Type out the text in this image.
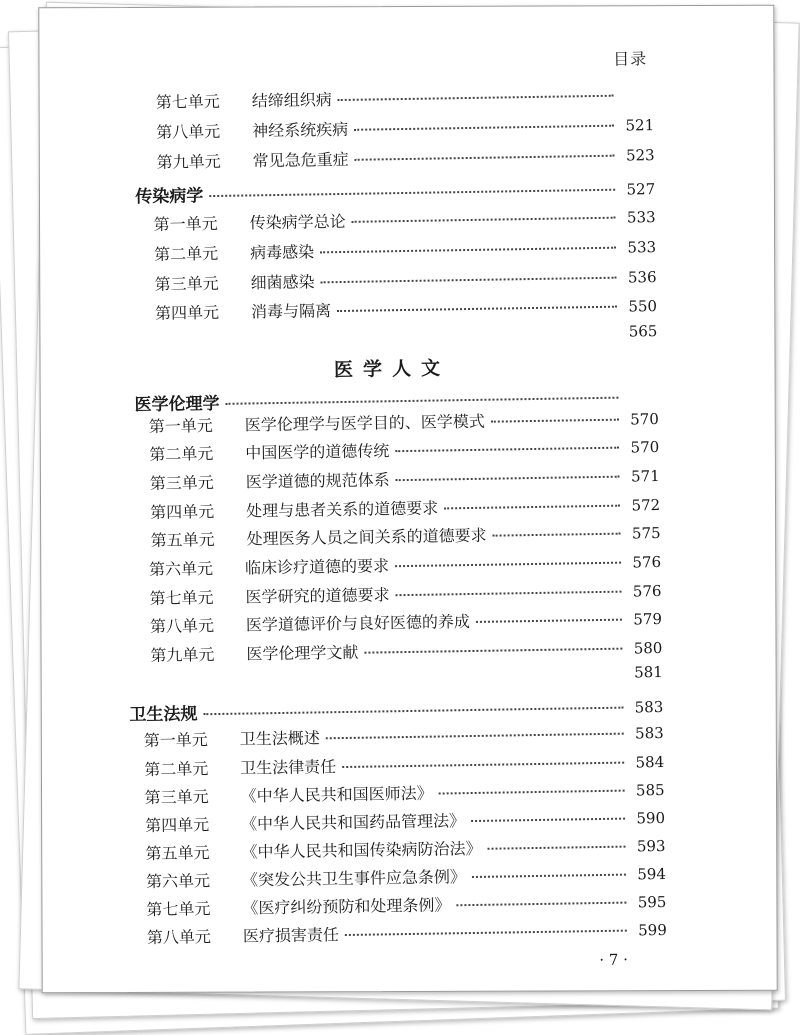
目录
第七单元	结缔组织病
第八单元	神经系统疾病	521
第九单元	常见急危重症	523
传染病学	527
第一单元	传染病学总论	533
第二单元	病毒感染	533
第三单元	细菌感染	536
第四单元	消毒与隔离	550
565
医学伦理学
第一单元	医学伦理学与医学目的、医学模式	570
第二单元	中国医学的道德传统	570
第三单元	医学道德的规范体系	571
第四单元	处理与患者关系的道德要求	572
第五单元	处理医务人员之间关系的道德要求	575
第六单元	临床诊疗道德的要求	576
第七单元	医学研究的道德要求	576
第八单元	医学道德评价与良好医德的养成	579
第九单元	医学伦理学文献	580
581
卫生法规	583
第一单元	卫生法概述	583
第二单元	卫生法律责任	584
第三单元	《中华人民共和国医师法》	585
第四单元	《中华人民共和国药品管理法》	590
第五单元	《中华人民共和国传染病防治法》	593
第六单元	《突发公共卫生事件应急条例》	594
第七单元	《医疗纠纷预防和处理条例》	595
第八单元	医疗损害责任	599
医学人文
· 7 ·
